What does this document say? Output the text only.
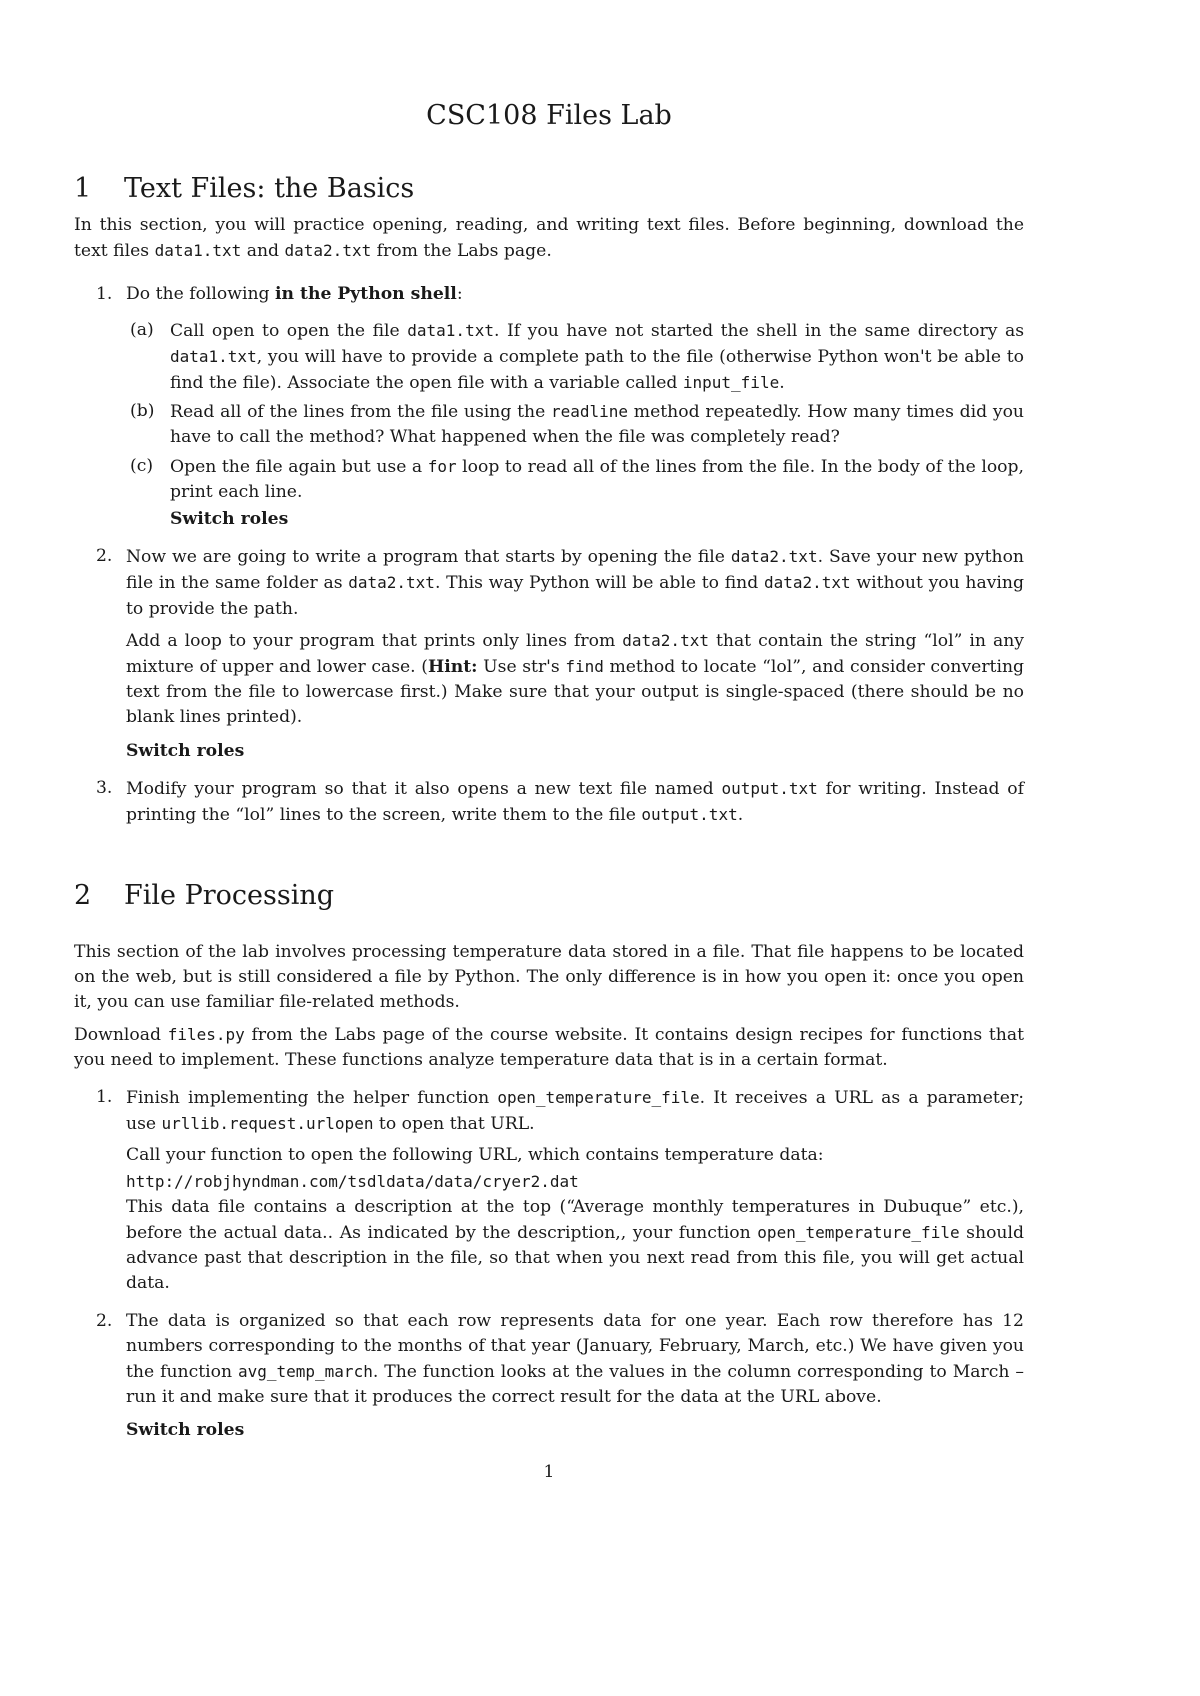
CSC108 Files Lab
1 Text Files: the Basics

In this section, you will practice opening, reading, and writing text files. Before beginning, download the text files data1.txt and data2.txt from the Labs page.

1. Do the following in the Python shell:

(a) Call open to open the file data1.txt. If you have not started the shell in the same directory as data1.txt, you will have to provide a complete path to the file (otherwise Python won't be able to find the file). Associate the open file with a variable called input_file.

(b) Read all of the lines from the file using the readline method repeatedly. How many times did you have to call the method? What happened when the file was completely read?

(c) Open the file again but use a for loop to read all of the lines from the file. In the body of the loop, print each line.

Switch roles

2. Now we are going to write a program that starts by opening the file data2.txt. Save your new python file in the same folder as data2.txt. This way Python will be able to find data2.txt without you having to provide the path.

Add a loop to your program that prints only lines from data2.txt that contain the string “lol” in any mixture of upper and lower case. (Hint: Use str's find method to locate “lol”, and consider converting text from the file to lowercase first.) Make sure that your output is single-spaced (there should be no blank lines printed).

Switch roles

3. Modify your program so that it also opens a new text file named output.txt for writing. Instead of printing the “lol” lines to the screen, write them to the file output.txt.

2 File Processing

This section of the lab involves processing temperature data stored in a file. That file happens to be located on the web, but is still considered a file by Python. The only difference is in how you open it: once you open it, you can use familiar file-related methods.

Download files.py from the Labs page of the course website. It contains design recipes for functions that you need to implement. These functions analyze temperature data that is in a certain format.

1. Finish implementing the helper function open_temperature_file. It receives a URL as a parameter; use urllib.request.urlopen to open that URL.

Call your function to open the following URL, which contains temperature data:
http://robjhyndman.com/tsdldata/data/cryer2.dat
This data file contains a description at the top (“Average monthly temperatures in Dubuque” etc.), before the actual data.. As indicated by the description,, your function open_temperature_file should advance past that description in the file, so that when you next read from this file, you will get actual data.

2. The data is organized so that each row represents data for one year. Each row therefore has 12 numbers corresponding to the months of that year (January, February, March, etc.) We have given you the function avg_temp_march. The function looks at the values in the column corresponding to March – run it and make sure that it produces the correct result for the data at the URL above.

Switch roles

1
